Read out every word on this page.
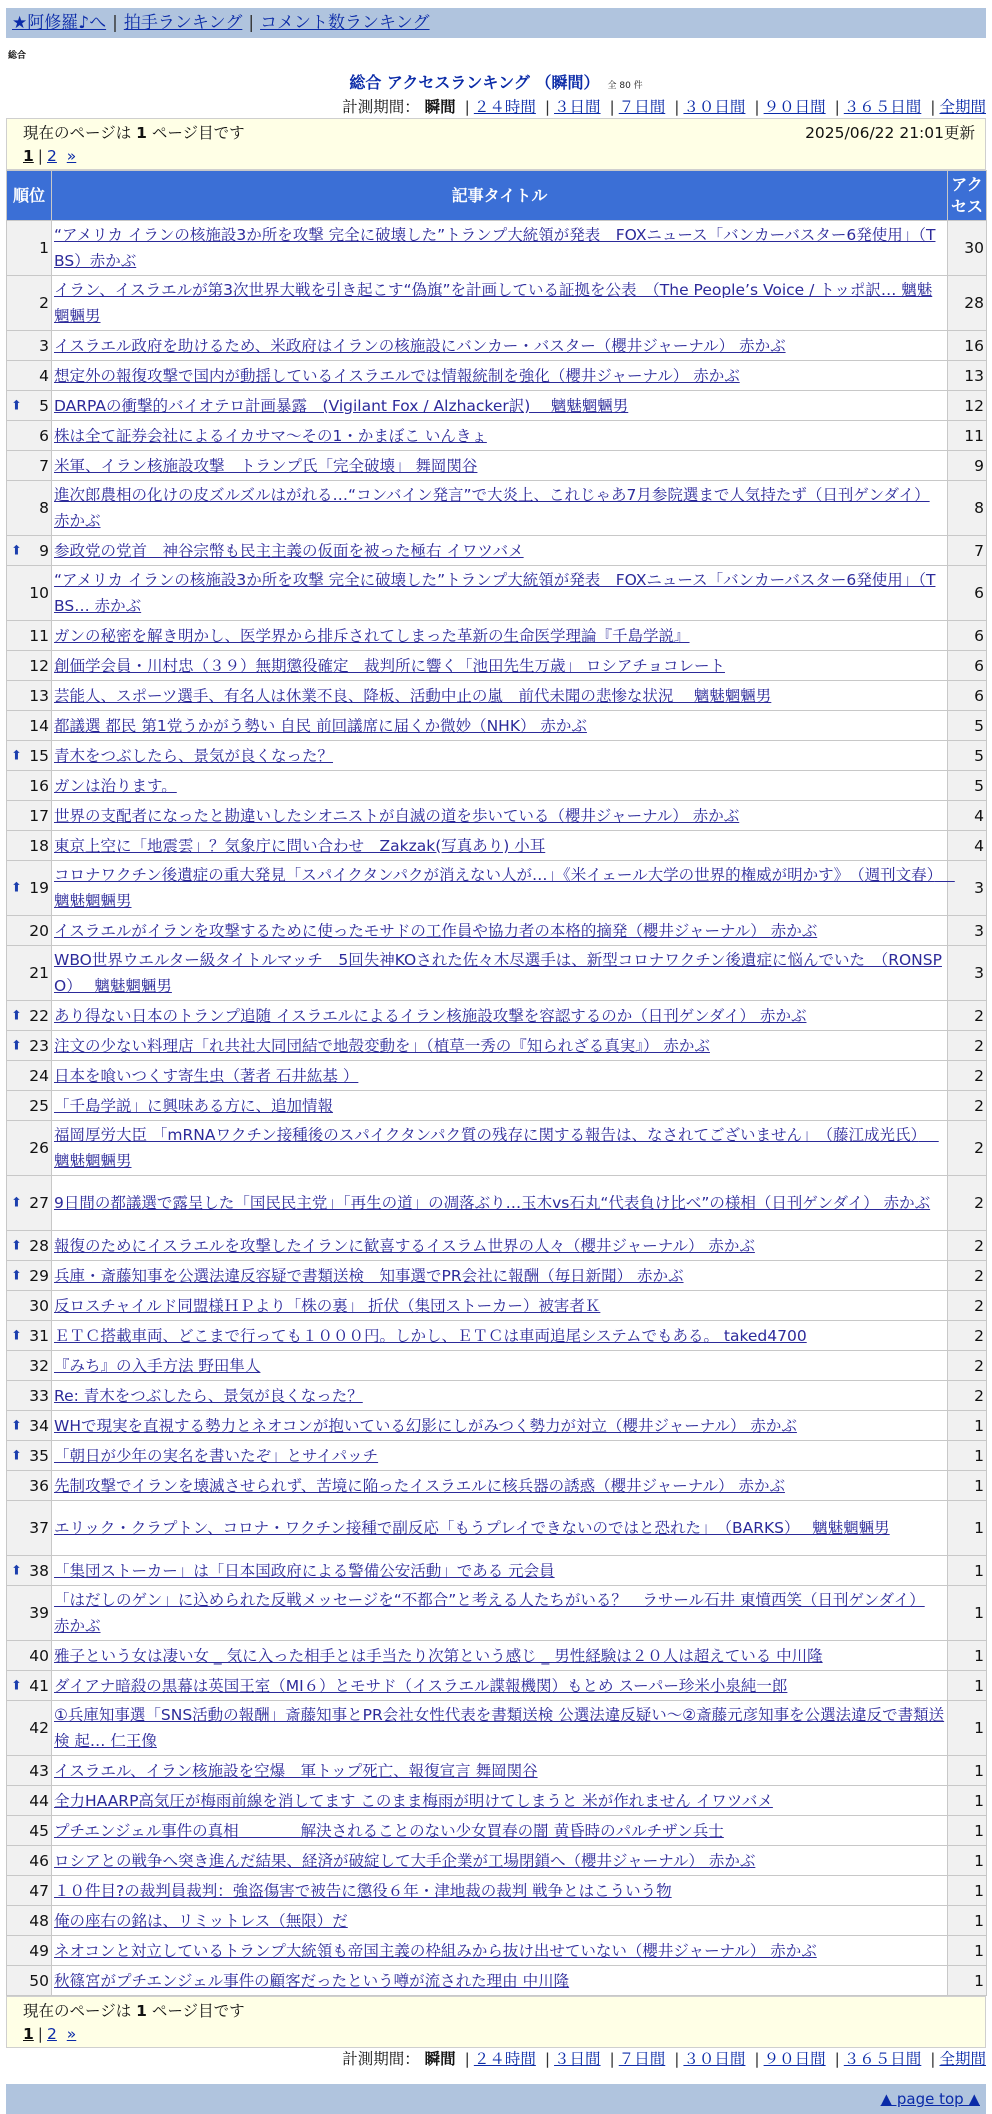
★阿修羅♪へ | 拍手ランキング | コメント数ランキング
総合
総合 アクセスランキング （瞬間） 全 80 件
計測期間： 瞬間 | ２４時間 | ３日間 | ７日間 | ３０日間 | ９０日間 | ３６５日間 | 全期間
現在のページは 1 ページ目です	2025/06/22 21:01更新
1 | 2 »
順位	記事タイトル	アクセス
1	“アメリカ イランの核施設3か所を攻撃 完全に破壊した”トランプ大統領が発表　FOXニュース「バンカーバスター6発使用」（TBS）赤かぶ	30
2	イラン、イスラエルが第3次世界大戦を引き起こす“偽旗”を計画している証拠を公表　（The People’s Voice / トッポ訳… 魑魅魍魎男	28
3	イスラエル政府を助けるため、米政府はイランの核施設にバンカー・バスター（櫻井ジャーナル） 赤かぶ	16
4	想定外の報復攻撃で国内が動揺しているイスラエルでは情報統制を強化（櫻井ジャーナル） 赤かぶ	13

⬆ 5	DARPAの衝撃的バイオテロ計画暴露　(Vigilant Fox / Alzhacker訳)　 魑魅魍魎男	12
6	株は全て証券会社によるイカサマ〜その1・かまぼこ いんきょ	11
7	米軍、イラン核施設攻撃　トランプ氏「完全破壊」 舞岡関谷	9
8	進次郎農相の化けの皮ズルズルはがれる…“コンバイン発言”で大炎上、これじゃあ7月参院選まで人気持たず（日刊ゲンダイ） 赤かぶ	8

⬆ 9	参政党の党首　神谷宗幣も民主主義の仮面を被った極右 イワツバメ	7
10	“アメリカ イランの核施設3か所を攻撃 完全に破壊した”トランプ大統領が発表　FOXニュース「バンカーバスター6発使用」（TBS… 赤かぶ	6
11	ガンの秘密を解き明かし、医学界から排斥されてしまった革新の生命医学理論『千島学説』	6
12	創価学会員・川村忠（３９）無期懲役確定　裁判所に響く「池田先生万歳」 ロシアチョコレート	6
13	芸能人、スポーツ選手、有名人は休業不良、降板、活動中止の嵐　前代未聞の悲惨な状況　 魑魅魍魎男	6
14	都議選 都民 第1党うかがう勢い 自民 前回議席に届くか微妙（NHK） 赤かぶ	5

⬆ 15	青木をつぶしたら、景気が良くなった？	5
16	ガンは治ります。	5
17	世界の支配者になったと勘違いしたシオニストが自滅の道を歩いている（櫻井ジャーナル） 赤かぶ	4
18	東京上空に「地震雲」？気象庁に問い合わせ　Zakzak(写真あり) 小耳	4

⬆ 19	コロナワクチン後遺症の重大発見「スパイクタンパクが消えない人が…」《米イェール大学の世界的権威が明かす》　（週刊文春）　 魑魅魍魎男	3
20	イスラエルがイランを攻撃するために使ったモサドの工作員や協力者の本格的摘発（櫻井ジャーナル） 赤かぶ	3
21	WBO世界ウエルター級タイトルマッチ　5回失神KOされた佐々木尽選手は、新型コロナワクチン後遺症に悩んでいた　（RONSPO）　 魑魅魍魎男	3

⬆ 22	あり得ない日本のトランプ追随 イスラエルによるイラン核施設攻撃を容認するのか（日刊ゲンダイ） 赤かぶ	2

⬆ 23	注文の少ない料理店「れ共社大同団結で地殻変動を」（植草一秀の『知られざる真実』） 赤かぶ	2
24	日本を喰いつくす寄生虫（著者 石井紘基 ）	2
25	「千島学説」に興味ある方に、追加情報	2
26	福岡厚労大臣 「mRNAワクチン接種後のスパイクタンパク質の残存に関する報告は、なされてございません」　（藤江成光氏）　 魑魅魍魎男	2

⬆ 27	9日間の都議選で露呈した「国民民主党」「再生の道」の凋落ぶり…玉木vs石丸“代表負け比べ”の様相（日刊ゲンダイ） 赤かぶ	2

⬆ 28	報復のためにイスラエルを攻撃したイランに歓喜するイスラム世界の人々（櫻井ジャーナル） 赤かぶ	2

⬆ 29	兵庫・斎藤知事を公選法違反容疑で書類送検　知事選でPR会社に報酬（毎日新聞） 赤かぶ	2
30	反ロスチャイルド同盟様ＨＰより「株の裏」 折伏（集団ストーカー）被害者Ｋ	2

⬆ 31	ＥＴＣ搭載車両、どこまで行っても１０００円。しかし、ＥＴＣは車両追尾システムでもある。 taked4700	2
32	『みち』の入手方法 野田隼人	2
33	Re: 青木をつぶしたら、景気が良くなった？	2

⬆ 34	WHで現実を直視する勢力とネオコンが抱いている幻影にしがみつく勢力が対立（櫻井ジャーナル） 赤かぶ	1

⬆ 35	「朝日が少年の実名を書いたぞ」とサイパッチ	1
36	先制攻撃でイランを壊滅させられず、苦境に陥ったイスラエルに核兵器の誘惑（櫻井ジャーナル） 赤かぶ	1
37	エリック・クラプトン、コロナ・ワクチン接種で副反応「もうプレイできないのではと恐れた」　（BARKS）　 魑魅魍魎男	1

⬆ 38	「集団ストーカー」は「日本国政府による警備公安活動」である 元会員	1
39	「はだしのゲン」に込められた反戦メッセージを“不都合”と考える人たちがいる？　ラサール石井 東憤西笑（日刊ゲンダイ） 赤かぶ	1
40	雅子という女は凄い女 _ 気に入った相手とは手当たり次第という感じ _ 男性経験は２０人は超えている 中川隆	1

⬆ 41	ダイアナ暗殺の黒幕は英国王室（MI６）とモサド（イスラエル諜報機関）もとめ スーパー珍米小泉純一郎	1
42	①兵庫知事選「SNS活動の報酬」斎藤知事とPR会社女性代表を書類送検 公選法違反疑い〜②斎藤元彦知事を公選法違反で書類送検 起… 仁王像	1
43	イスラエル、イラン核施設を空爆　軍トップ死亡、報復宣言 舞岡関谷	1
44	全力HAARP高気圧が梅雨前線を消してます このまま梅雨が明けてしまうと 米が作れません イワツバメ	1
45	プチエンジェル事件の真相　　　　解決されることのない少女買春の闇 黄昏時のパルチザン兵士	1
46	ロシアとの戦争へ突き進んだ結果、経済が破綻して大手企業が工場閉鎖へ（櫻井ジャーナル） 赤かぶ	1
47	１０件目?の裁判員裁判：強盗傷害で被告に懲役６年・津地裁の裁判 戦争とはこういう物	1
48	俺の座右の銘は、リミットレス（無限）だ	1
49	ネオコンと対立しているトランプ大統領も帝国主義の枠組みから抜け出せていない（櫻井ジャーナル） 赤かぶ	1
50	秋篠宮がプチエンジェル事件の顧客だったという噂が流された理由 中川隆	1
現在のページは 1 ページ目です
1 | 2 »
計測期間： 瞬間 | ２４時間 | ３日間 | ７日間 | ３０日間 | ９０日間 | ３６５日間 | 全期間
▲ page top ▲
